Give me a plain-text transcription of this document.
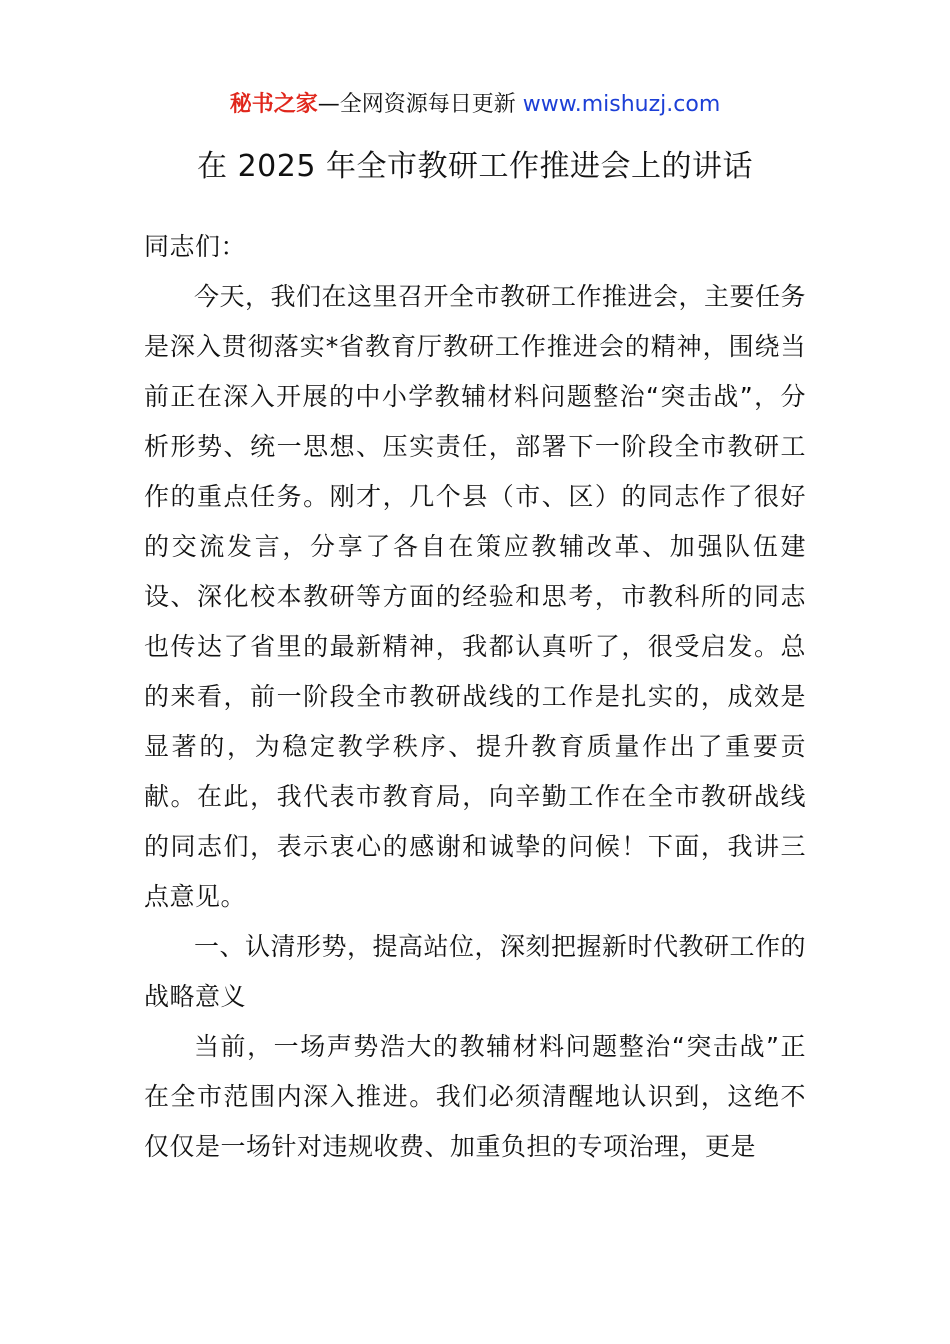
秘书之家—全网资源每日更新 www.mishuzj.com
在 2025 年全市教研工作推进会上的讲话

同志们：

今天，我们在这里召开全市教研工作推进会，主要任务是深入贯彻落实*省教育厅教研工作推进会的精神，围绕当前正在深入开展的中小学教辅材料问题整治“突击战”，分析形势、统一思想、压实责任，部署下一阶段全市教研工作的重点任务。刚才，几个县（市、区）的同志作了很好的交流发言，分享了各自在策应教辅改革、加强队伍建设、深化校本教研等方面的经验和思考，市教科所的同志也传达了省里的最新精神，我都认真听了，很受启发。总的来看，前一阶段全市教研战线的工作是扎实的，成效是显著的，为稳定教学秩序、提升教育质量作出了重要贡献。在此，我代表市教育局，向辛勤工作在全市教研战线的同志们，表示衷心的感谢和诚挚的问候！下面，我讲三点意见。

一、认清形势，提高站位，深刻把握新时代教研工作的战略意义

当前，一场声势浩大的教辅材料问题整治“突击战”正在全市范围内深入推进。我们必须清醒地认识到，这绝不仅仅是一场针对违规收费、加重负担的专项治理，更是
